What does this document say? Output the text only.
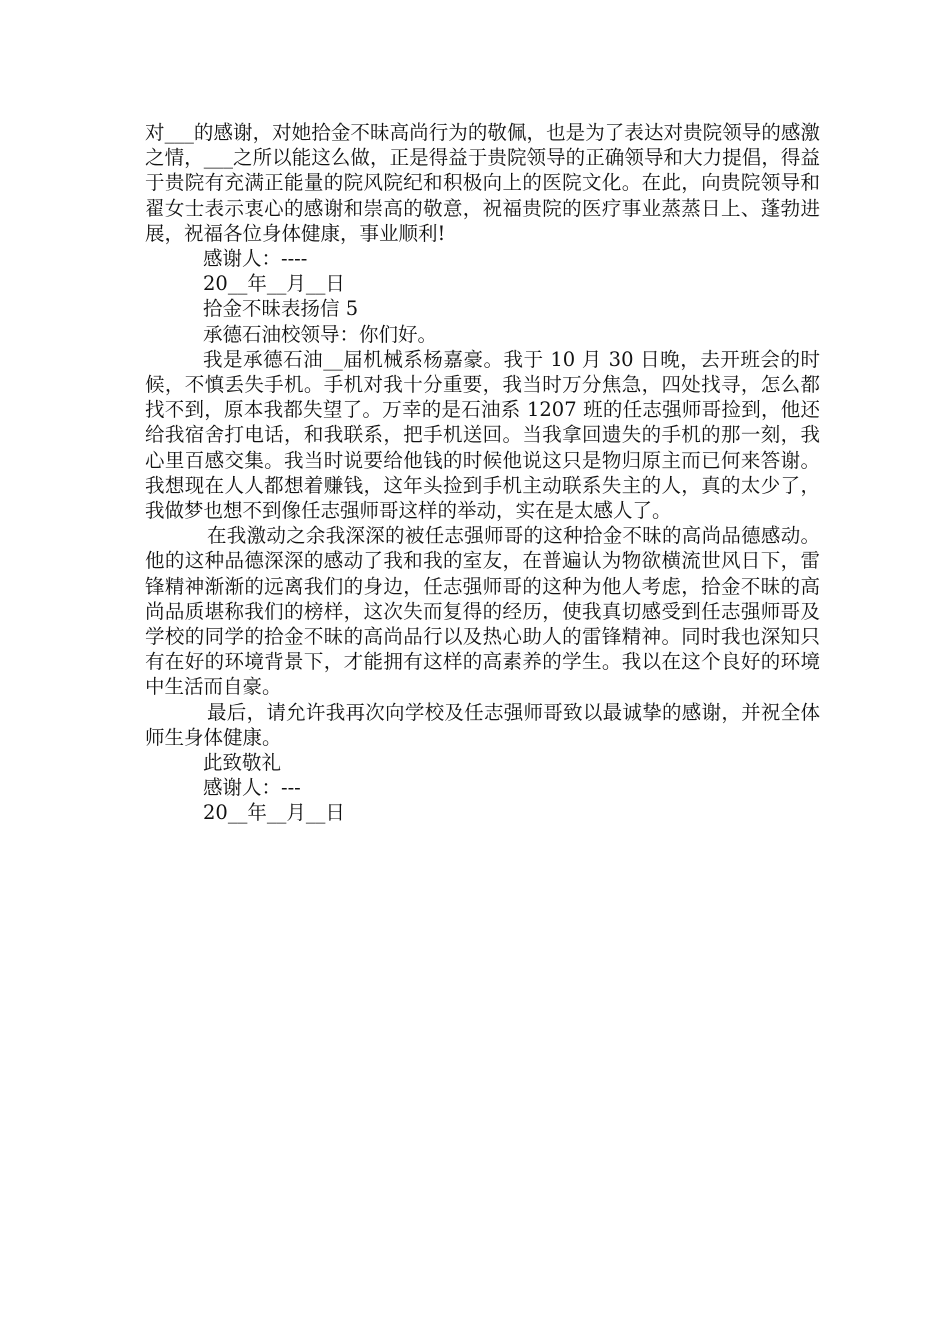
对___的感谢，对她拾金不昧高尚行为的敬佩，也是为了表达对贵院领导的感激之情，___之所以能这么做，正是得益于贵院领导的正确领导和大力提倡，得益于贵院有充满正能量的院风院纪和积极向上的医院文化。在此，向贵院领导和翟女士表示衷心的感谢和崇高的敬意，祝福贵院的医疗事业蒸蒸日上、蓬勃进展，祝福各位身体健康，事业顺利!

感谢人：----

20__年__月__日

拾金不昧表扬信 5

承德石油校领导：你们好。

我是承德石油__届机械系杨嘉豪。我于 10 月 30 日晚，去开班会的时候，不慎丢失手机。手机对我十分重要，我当时万分焦急，四处找寻，怎么都找不到，原本我都失望了。万幸的是石油系 1207 班的任志强师哥捡到，他还给我宿舍打电话，和我联系，把手机送回。当我拿回遗失的手机的那一刻，我心里百感交集。我当时说要给他钱的时候他说这只是物归原主而已何来答谢。我想现在人人都想着赚钱，这年头捡到手机主动联系失主的人，真的太少了，我做梦也想不到像任志强师哥这样的举动，实在是太感人了。

在我激动之余我深深的被任志强师哥的这种拾金不昧的高尚品德感动。他的这种品德深深的感动了我和我的室友，在普遍认为物欲横流世风日下，雷锋精神渐渐的远离我们的身边，任志强师哥的这种为他人考虑，拾金不昧的高尚品质堪称我们的榜样，这次失而复得的经历，使我真切感受到任志强师哥及学校的同学的拾金不昧的高尚品行以及热心助人的雷锋精神。同时我也深知只有在好的环境背景下，才能拥有这样的高素养的学生。我以在这个良好的环境中生活而自豪。

最后，请允许我再次向学校及任志强师哥致以最诚挚的感谢，并祝全体师生身体健康。

此致敬礼

感谢人：---

20__年__月__日
